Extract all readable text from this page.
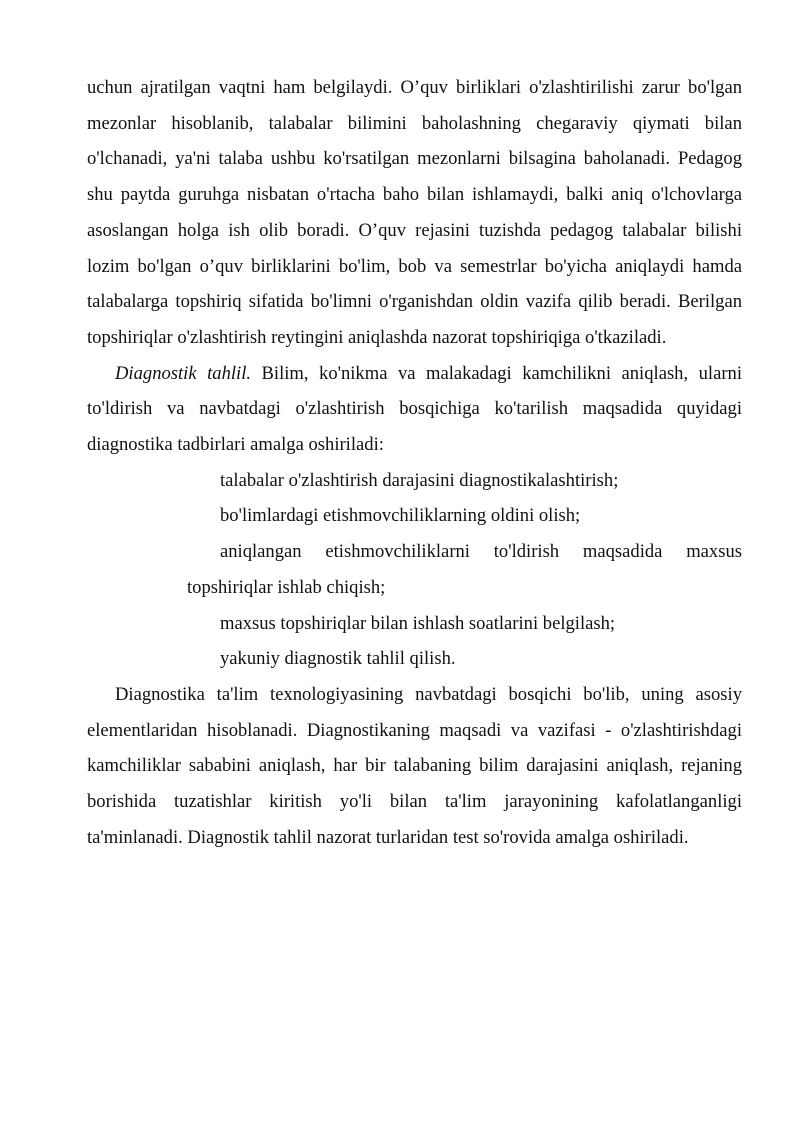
uchun ajratilgan vaqtni ham belgilaydi. O’quv birliklari o'zlashtirilishi zarur bo'lgan mezonlar hisoblanib, talabalar bilimini baholashning chegaraviy qiymati bilan o'lchanadi, ya'ni talaba ushbu ko'rsatilgan mezonlarni bilsagina baholanadi. Pedagog shu paytda guruhga nisbatan o'rtacha baho bilan ishlamaydi, balki aniq o'lchovlarga asoslangan holga ish olib boradi. O’quv rejasini tuzishda pedagog talabalar bilishi lozim bo'lgan o’quv birliklarini bo'lim, bob va semestrlar bo'yicha aniqlaydi hamda talabalarga topshiriq sifatida bo'limni o'rganishdan oldin vazifa qilib beradi. Berilgan topshiriqlar o'zlashtirish reytingini aniqlashda nazorat topshiriqiga o'tkaziladi.

Diagnostik tahlil. Bilim, ko'nikma va malakadagi kamchilikni aniqlash, ularni to'ldirish va navbatdagi o'zlashtirish bosqichiga ko'tarilish maqsadida quyidagi diagnostika tadbirlari amalga oshiriladi:

talabalar o'zlashtirish darajasini diagnostikalashtirish;
bo'limlardagi etishmovchiliklarning oldini olish;
aniqlangan etishmovchiliklarni to'ldirish maqsadida maxsus topshiriqlar ishlab chiqish;
maxsus topshiriqlar bilan ishlash soatlarini belgilash;
yakuniy diagnostik tahlil qilish.

Diagnostika ta'lim texnologiyasining navbatdagi bosqichi bo'lib, uning asosiy elementlaridan hisoblanadi. Diagnostikaning maqsadi va vazifasi - o'zlashtirishdagi kamchiliklar sababini aniqlash, har bir talabaning bilim darajasini aniqlash, rejaning borishida tuzatishlar kiritish yo'li bilan ta'lim jarayonining kafolatlanganligi ta'minlanadi. Diagnostik tahlil nazorat turlaridan test so'rovida amalga oshiriladi.
